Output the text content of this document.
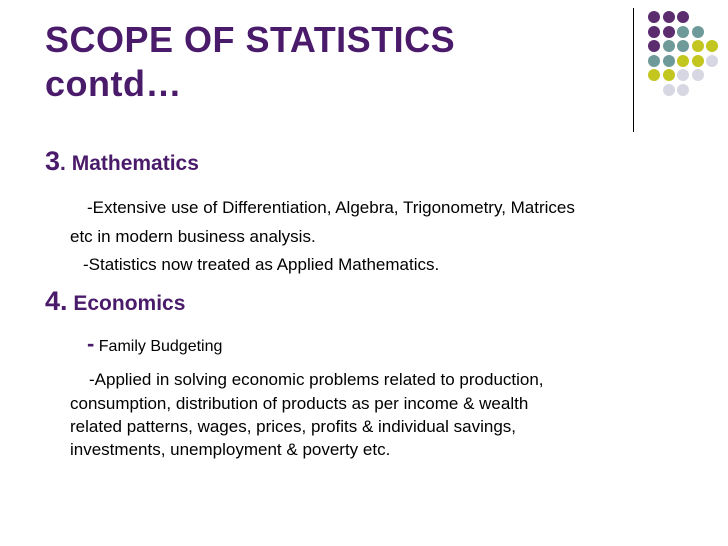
SCOPE OF STATISTICS
contd…
3. Mathematics
-Extensive use of Differentiation, Algebra, Trigonometry, Matrices
etc in modern business analysis.
-Statistics now treated as Applied Mathematics.
4. Economics
- Family Budgeting
-Applied in solving economic problems related to production,
consumption, distribution of products as per income & wealth
related patterns, wages, prices, profits & individual savings,
investments, unemployment & poverty etc.
